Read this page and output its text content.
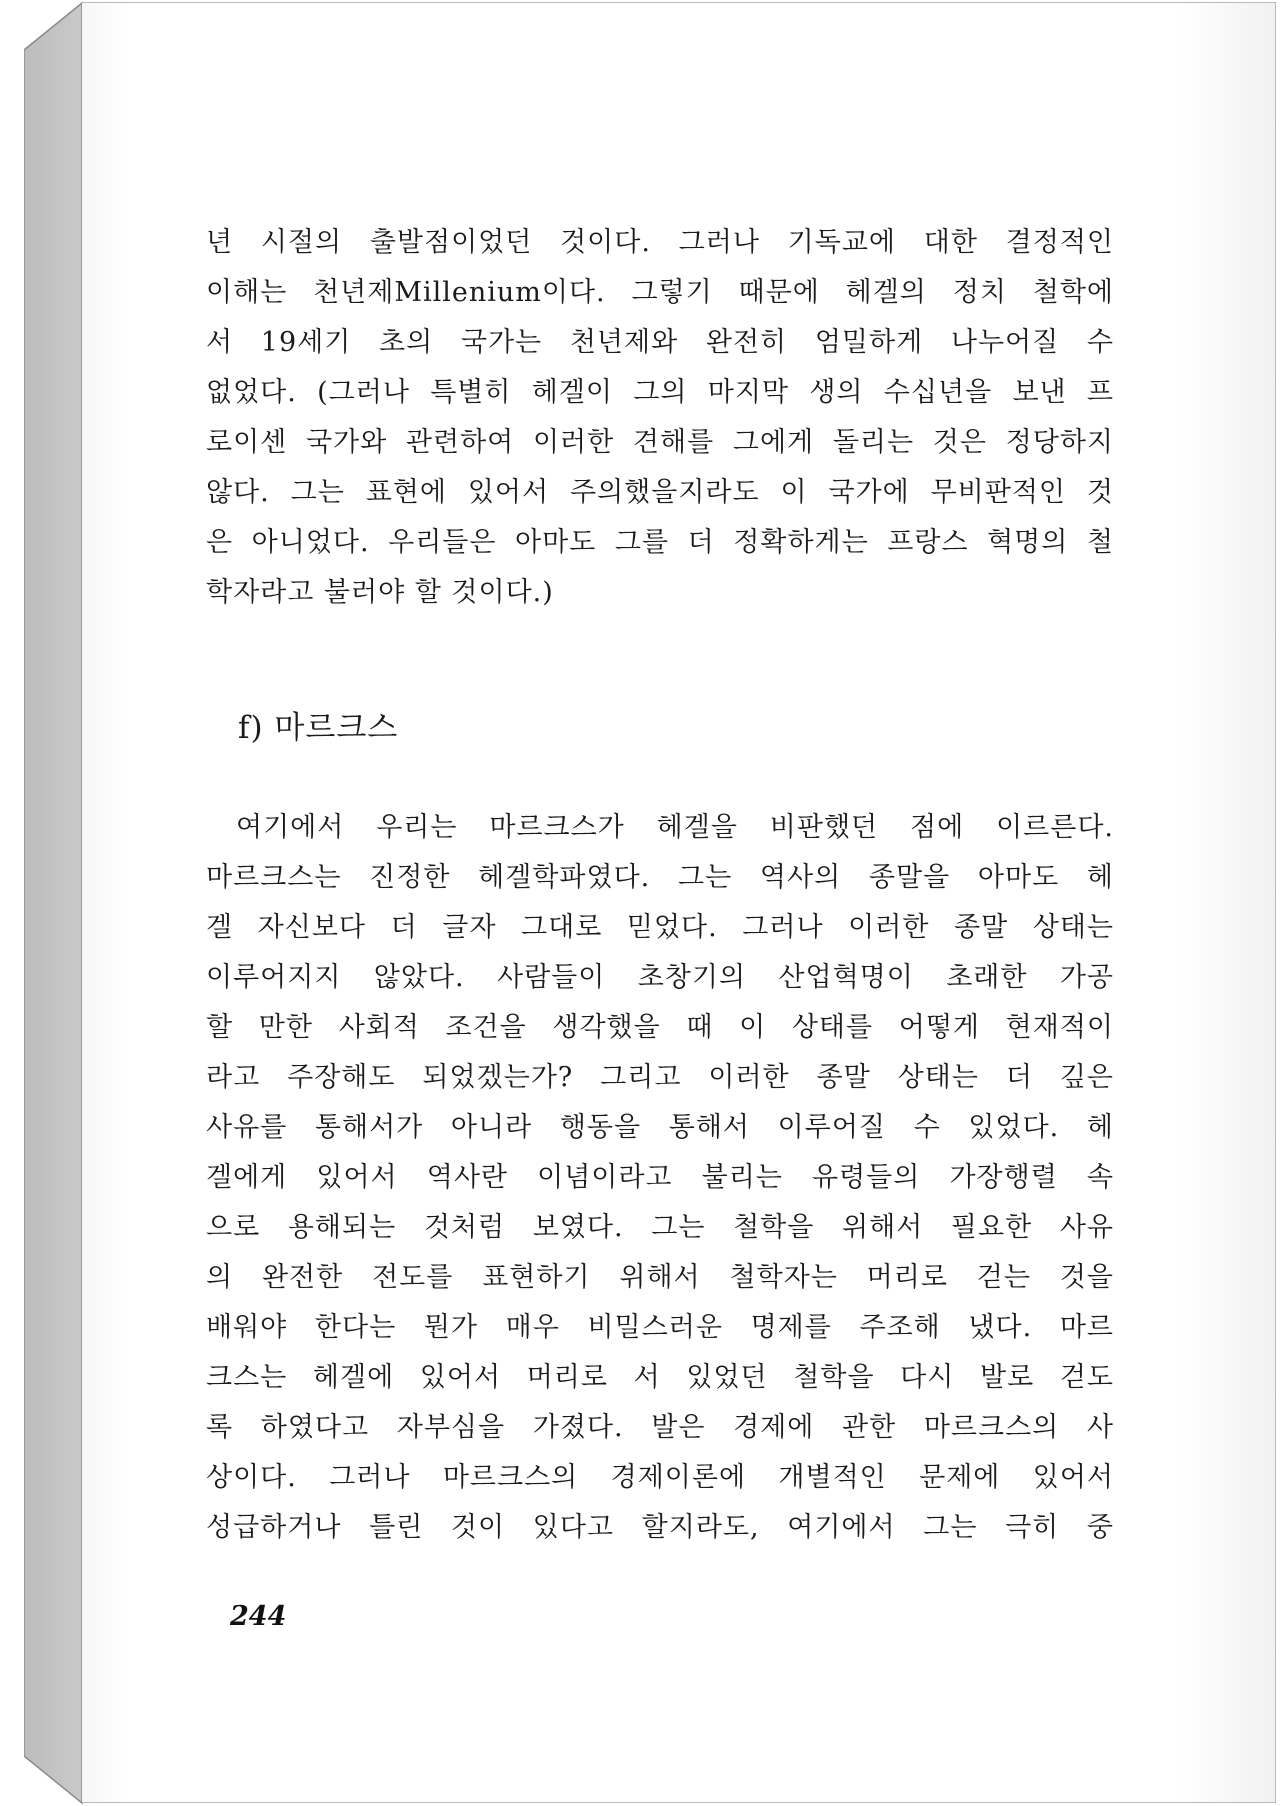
년 시절의 출발점이었던 것이다. 그러나 기독교에 대한 결정적인
이해는 천년제Millenium이다. 그렇기 때문에 헤겔의 정치 철학에
서 19세기 초의 국가는 천년제와 완전히 엄밀하게 나누어질 수
없었다. (그러나 특별히 헤겔이 그의 마지막 생의 수십년을 보낸 프
로이센 국가와 관련하여 이러한 견해를 그에게 돌리는 것은 정당하지
않다. 그는 표현에 있어서 주의했을지라도 이 국가에 무비판적인 것
은 아니었다. 우리들은 아마도 그를 더 정확하게는 프랑스 혁명의 철
학자라고 불러야 할 것이다.)
f) 마르크스
여기에서 우리는 마르크스가 헤겔을 비판했던 점에 이르른다.
마르크스는 진정한 헤겔학파였다. 그는 역사의 종말을 아마도 헤
겔 자신보다 더 글자 그대로 믿었다. 그러나 이러한 종말 상태는
이루어지지 않았다. 사람들이 초창기의 산업혁명이 초래한 가공
할 만한 사회적 조건을 생각했을 때 이 상태를 어떻게 현재적이
라고 주장해도 되었겠는가? 그리고 이러한 종말 상태는 더 깊은
사유를 통해서가 아니라 행동을 통해서 이루어질 수 있었다. 헤
겔에게 있어서 역사란 이념이라고 불리는 유령들의 가장행렬 속
으로 용해되는 것처럼 보였다. 그는 철학을 위해서 필요한 사유
의 완전한 전도를 표현하기 위해서 철학자는 머리로 걷는 것을
배워야 한다는 뭔가 매우 비밀스러운 명제를 주조해 냈다. 마르
크스는 헤겔에 있어서 머리로 서 있었던 철학을 다시 발로 걷도
록 하였다고 자부심을 가졌다. 발은 경제에 관한 마르크스의 사
상이다. 그러나 마르크스의 경제이론에 개별적인 문제에 있어서
성급하거나 틀린 것이 있다고 할지라도, 여기에서 그는 극히 중
244
